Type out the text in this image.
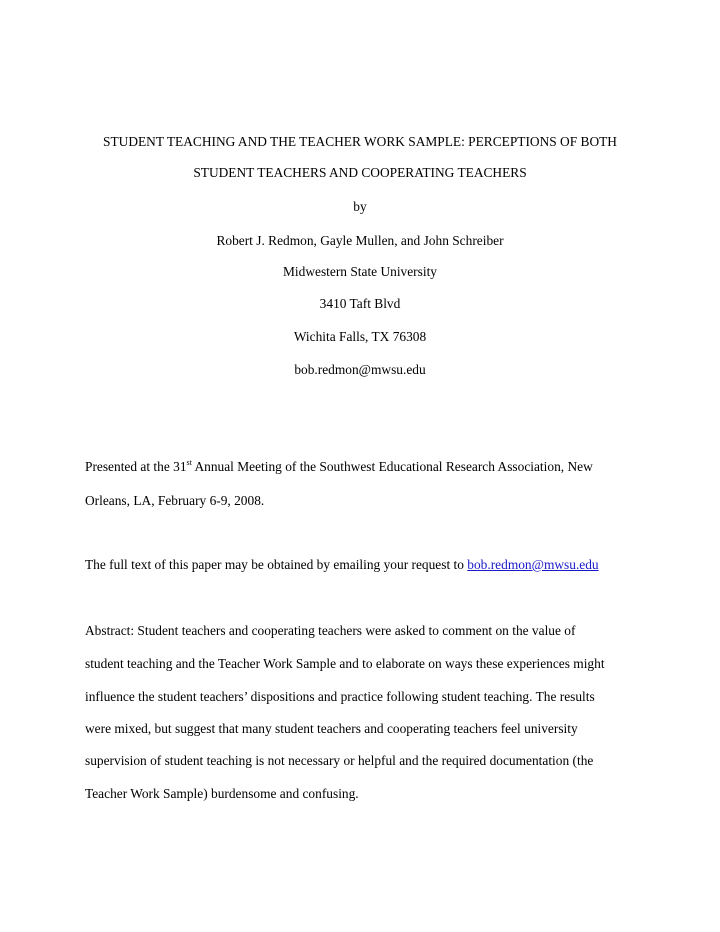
STUDENT TEACHING AND THE TEACHER WORK SAMPLE: PERCEPTIONS OF BOTH
STUDENT TEACHERS AND COOPERATING TEACHERS
by
Robert J. Redmon, Gayle Mullen, and John Schreiber
Midwestern State University
3410 Taft Blvd
Wichita Falls, TX 76308
bob.redmon@mwsu.edu
Presented at the 31st Annual Meeting of the Southwest Educational Research Association, New
Orleans, LA, February 6-9, 2008.
The full text of this paper may be obtained by emailing your request to bob.redmon@mwsu.edu
Abstract: Student teachers and cooperating teachers were asked to comment on the value of
student teaching and the Teacher Work Sample and to elaborate on ways these experiences might
influence the student teachers’ dispositions and practice following student teaching. The results
were mixed, but suggest that many student teachers and cooperating teachers feel university
supervision of student teaching is not necessary or helpful and the required documentation (the
Teacher Work Sample) burdensome and confusing.
